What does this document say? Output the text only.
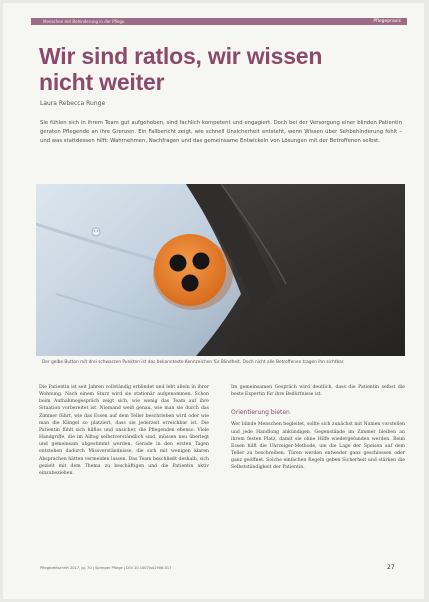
Menschen mit Behinderung in der Pflege	Pflegepraxis
Wir sind ratlos, wir wissen nicht weiter
Laura Rebecca Runge
Sie fühlen sich in ihrem Team gut aufgehoben, sind fachlich kompetent und engagiert. Doch bei der Versorgung einer blinden Patientin geraten Pflegende an ihre Grenzen. Ein Fallbericht zeigt, wie schnell Unsicherheit entsteht, wenn Wissen über Sehbehinderung fehlt – und was stattdessen hilft: Wahrnehmen, Nachfragen und das gemeinsame Entwickeln von Lösungen mit der Betroffenen selbst.
Der gelbe Button mit drei schwarzen Punkten ist das bekannteste Kennzeichen für Blindheit. Doch nicht alle Betroffenen tragen ihn sichtbar.
Die Patientin ist seit Jahren vollständig erblindet und lebt allein in ihrer Wohnung. Nach einem Sturz wird sie stationär aufgenommen. Schon beim Aufnahmegespräch zeigt sich, wie wenig das Team auf ihre Situation vorbereitet ist. Niemand weiß genau, wie man sie durch das Zimmer führt, wie das Essen auf dem Teller beschrieben wird oder wie man die Klingel so platziert, dass sie jederzeit erreichbar ist. Die Patientin fühlt sich hilflos und unsicher, die Pflegenden ebenso. Viele Handgriffe, die im Alltag selbstverständlich sind, müssen neu überlegt und gemeinsam abgestimmt werden. Gerade in den ersten Tagen entstehen dadurch Missverständnisse, die sich mit wenigen klaren Absprachen hätten vermeiden lassen. Das Team beschließt deshalb, sich gezielt mit dem Thema zu beschäftigen und die Patientin aktiv einzubeziehen.
Im gemeinsamen Gespräch wird deutlich, dass die Patientin selbst die beste Expertin für ihre Bedürfnisse ist.
Orientierung bieten
Wer blinde Menschen begleitet, sollte sich zunächst mit Namen vorstellen und jede Handlung ankündigen. Gegenstände im Zimmer bleiben an ihrem festen Platz, damit sie ohne Hilfe wiedergefunden werden. Beim Essen hilft die Uhrzeiger-Methode, um die Lage der Speisen auf dem Teller zu beschreiben. Türen werden entweder ganz geschlossen oder ganz geöffnet. Solche einfachen Regeln geben Sicherheit und stärken die Selbstständigkeit der Patientin.
Pflegezeitschrift 2017, Jg. 70 | Springer Pflege | DOI 10.1007/s41906-017	27
